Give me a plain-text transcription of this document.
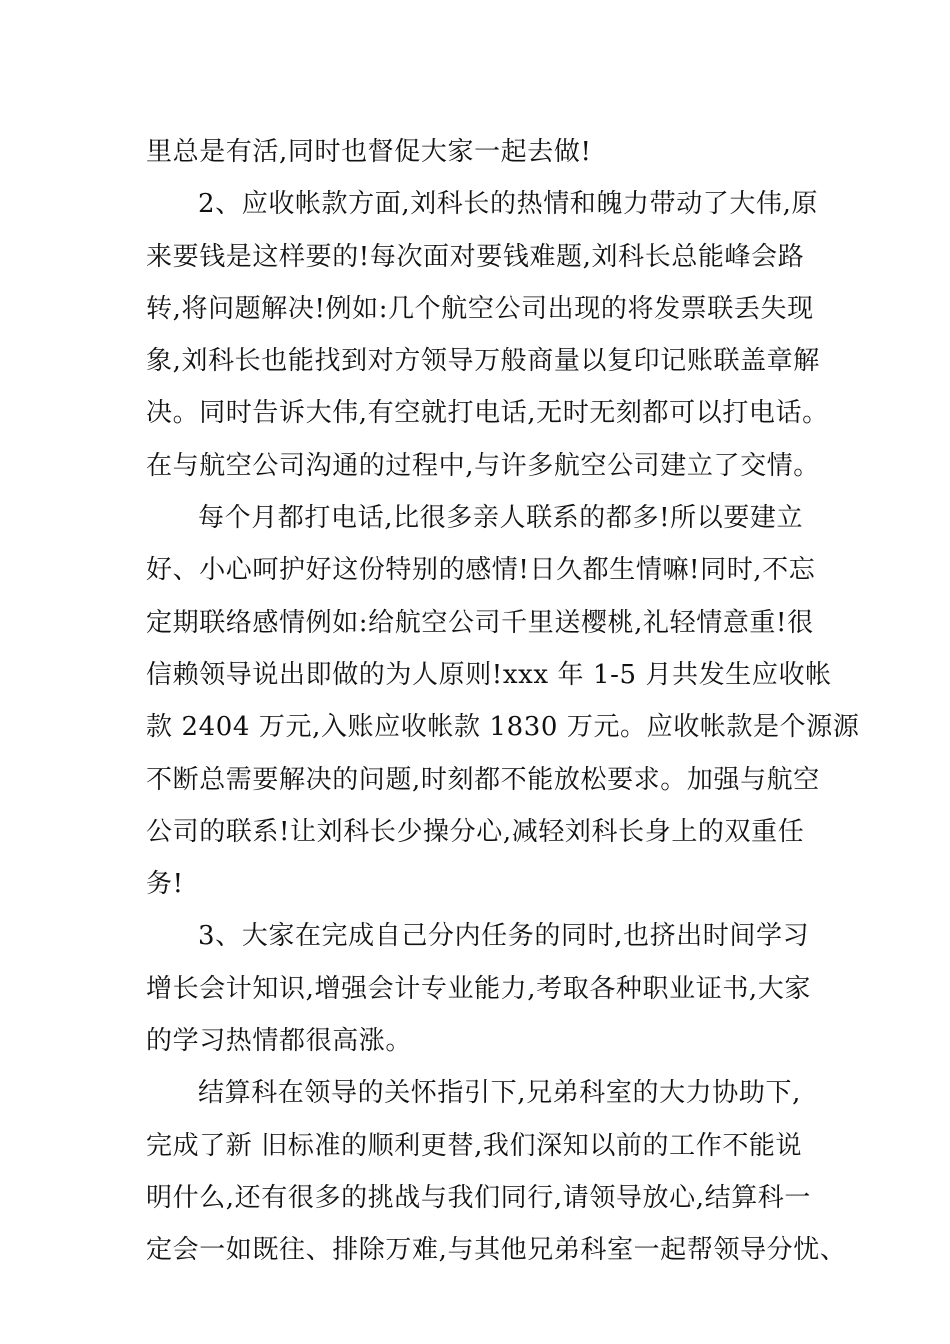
里总是有活,同时也督促大家一起去做!
2、应收帐款方面,刘科长的热情和魄力带动了大伟,原
来要钱是这样要的!每次面对要钱难题,刘科长总能峰会路
转,将问题解决!例如:几个航空公司出现的将发票联丢失现
象,刘科长也能找到对方领导万般商量以复印记账联盖章解
决。同时告诉大伟,有空就打电话,无时无刻都可以打电话。
在与航空公司沟通的过程中,与许多航空公司建立了交情。
每个月都打电话,比很多亲人联系的都多!所以要建立
好、小心呵护好这份特别的感情!日久都生情嘛!同时,不忘
定期联络感情例如:给航空公司千里送樱桃,礼轻情意重!很
信赖领导说出即做的为人原则!xxx 年 1-5 月共发生应收帐
款 2404 万元,入账应收帐款 1830 万元。应收帐款是个源源
不断总需要解决的问题,时刻都不能放松要求。加强与航空
公司的联系!让刘科长少操分心,减轻刘科长身上的双重任
务!
3、大家在完成自己分内任务的同时,也挤出时间学习
增长会计知识,增强会计专业能力,考取各种职业证书,大家
的学习热情都很高涨。
结算科在领导的关怀指引下,兄弟科室的大力协助下,
完成了新 旧标准的顺利更替,我们深知以前的工作不能说
明什么,还有很多的挑战与我们同行,请领导放心,结算科一
定会一如既往、排除万难,与其他兄弟科室一起帮领导分忧、
